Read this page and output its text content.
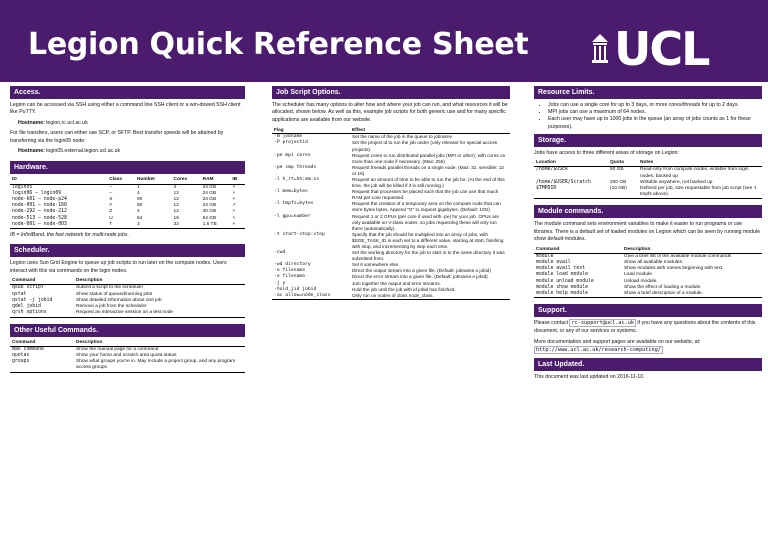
Legion Quick Reference Sheet UCL
Access.

Legion can be accessed via SSH using either a command line SSH client or a win-dowed SSH client like PuTTY.

Hostname: legion.rc.ucl.ac.uk

For file transfers, users can either use SCP, or SFTP. Best transfer speeds will be attained by transferring via the login05 node:

Hostname: login05.external.legion.ucl.ac.uk

Hardware.
ID	Class	Number	Cores	RAM	IB
login05	–	1	4	24 GB	×
login06 — login09	–	4	12	24 GB	×
node-k01 — node-p24	X	90	12	24 GB	×
node-001 — node-160	Y	60	12	24 GB	✓
node-292 — node-212	Z	4	12	40 GB	×
node-513 — node-528	U	64	16	64 GB	×
node-001 — node-003	T	3	32	1.5 TB	×

IB = InfiniBand, the fast network for multi-node jobs.

Scheduler.

Legion uses Sun Grid Engine to queue up job scripts to run later on the compute nodes. Users interact with this via commands on the login nodes.

Command	Description
qsub script	Submit a script to the scheduler
qstat	Show status of queued/running jobs
qstat -j jobid	Show detailed information about one job
qdel jobid	Remove a job from the scheduler
qrsh options	Request an interactive session on a test node
Other Useful Commands.
Command	Description
man command	Show the manual page for a command
quotas	Show your home and scratch area quota status
groups	Show what groups you're in. May include a project group, and any program access groups
Job Script Options.

The scheduler has many options to alter how and where your job can run, and what resources it will be allocated, shown below. As well as this, example job scripts for both generic use and for many specific applications are available from our website.

Flag	Effect
-N jobname	Set the name of the job in the queue to jobname
-P projectid	Set the project id to run the job under (only relevant for special access projects).
-pe mpi cores	Request cores to run distributed parallel jobs (MPI or other), with cores on more than one node if necessary. (Max: 256)
-pe smp threads	Request threads parallel threads on a single node. (Max: 32, sensible: 12 or 16)
-l h_rt=hh:mm:ss	Request an amount of time to be able to run the job for. (At the end of this time, the job will be killed if it is still running.)
-l mem=bytes	Request that processes be placed such that the job can use that much RAM per core requested.
-l tmpfs=bytes	Request the creation of a temporary area on the compute node that can store bytes bytes. Append "G" to request gigabytes. (Default: 10G)
-l gpu=number	Request 1 or 2 GPUs (per core if used with -pe) for your job. GPUs are only available on V-class nodes, so jobs requesting these will only run there (automatically).
-t start-stop:step	Specify that the job should be multiplied into an array of jobs, with $SGE_TASK_ID in each set to a different value, starting at start, finishing with stop, and incrementing by step each time.
-cwd	Set the working directory for the job to start in to the same directory it was submitted from.
-wd directory	Set it somewhere else.
-o filename	Direct the output stream into a given file. (Default: jobname.o jobid)
-e filename	Direct the error stream into a given file. (Default: jobname.e jobid)
-j y	Join together the output and error streams.
-hold_jid jobid	Hold the job until the job with id jobid has finished.
-ac allow=node_class	Only run on nodes of class node_class.
Resource Limits.
• Jobs can use a single core for up to 3 days, or more cores/threads for up to 2 days.
• MPI jobs can use a maximum of 64 nodes.
• Each user may have up to 1000 jobs in the queue (an array of jobs counts as 1 for these purposes).
Storage.

Jobs have access to three different areas of storage on Legion:

Location	Quota	Notes
/home/$USER	50 GB	Read-only from compute nodes, writable from login nodes, backed up
/home/$USER/Scratch	200 GB	Writable anywhere, not backed up
$TMPDIR	(10 GB)	Defined per job, size requestable from job script (see -l tmpfs above).
Module commands.

The module command sets environment variables to make it easier to run programs or use libraries. There is a default set of loaded modules on Legion which can be seen by running module show default-modules.

Command	Description
module	Give a brief list of the available module commands
module avail	Show all available modules.
module avail text	Show modules with names beginning with text.
module load module	Load module.
module unload module	Unload module.
module show module	Show the effect of loading a module.
module help module	Show a brief description of a module.
Support.

Please contact rc-support@ucl.ac.uk if you have any questions about the contents of this document, or any of our services or systems.

More documentation and support pages are available on our website, at: http://www.ucl.ac.uk/research-computing/

Last Updated.

This document was last updated on 2016-11-10.
